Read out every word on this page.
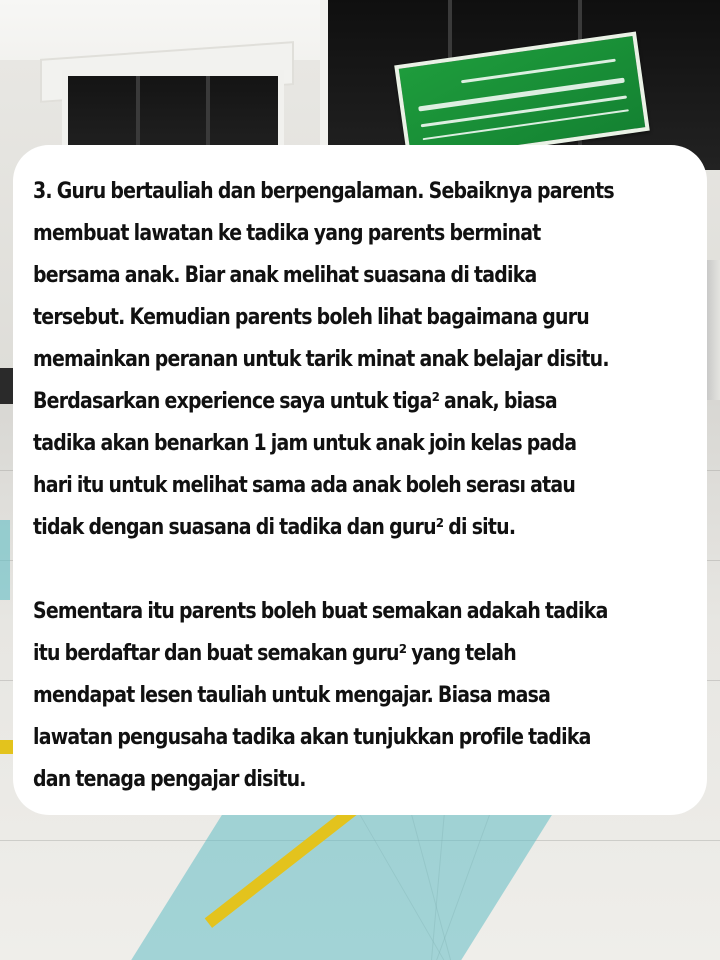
3. Guru bertauliah dan berpengalaman. Sebaiknya parents
membuat lawatan ke tadika yang parents berminat
bersama anak. Biar anak melihat suasana di tadika
tersebut. Kemudian parents boleh lihat bagaimana guru
memainkan peranan untuk tarik minat anak belajar disitu.
Berdasarkan experience saya untuk tiga² anak, biasa
tadika akan benarkan 1 jam untuk anak join kelas pada
hari itu untuk melihat sama ada anak boleh serası atau
tidak dengan suasana di tadika dan guru² di situ.

Sementara itu parents boleh buat semakan adakah tadika
itu berdaftar dan buat semakan guru² yang telah
mendapat lesen tauliah untuk mengajar. Biasa masa
lawatan pengusaha tadika akan tunjukkan profile tadika
dan tenaga pengajar disitu.
